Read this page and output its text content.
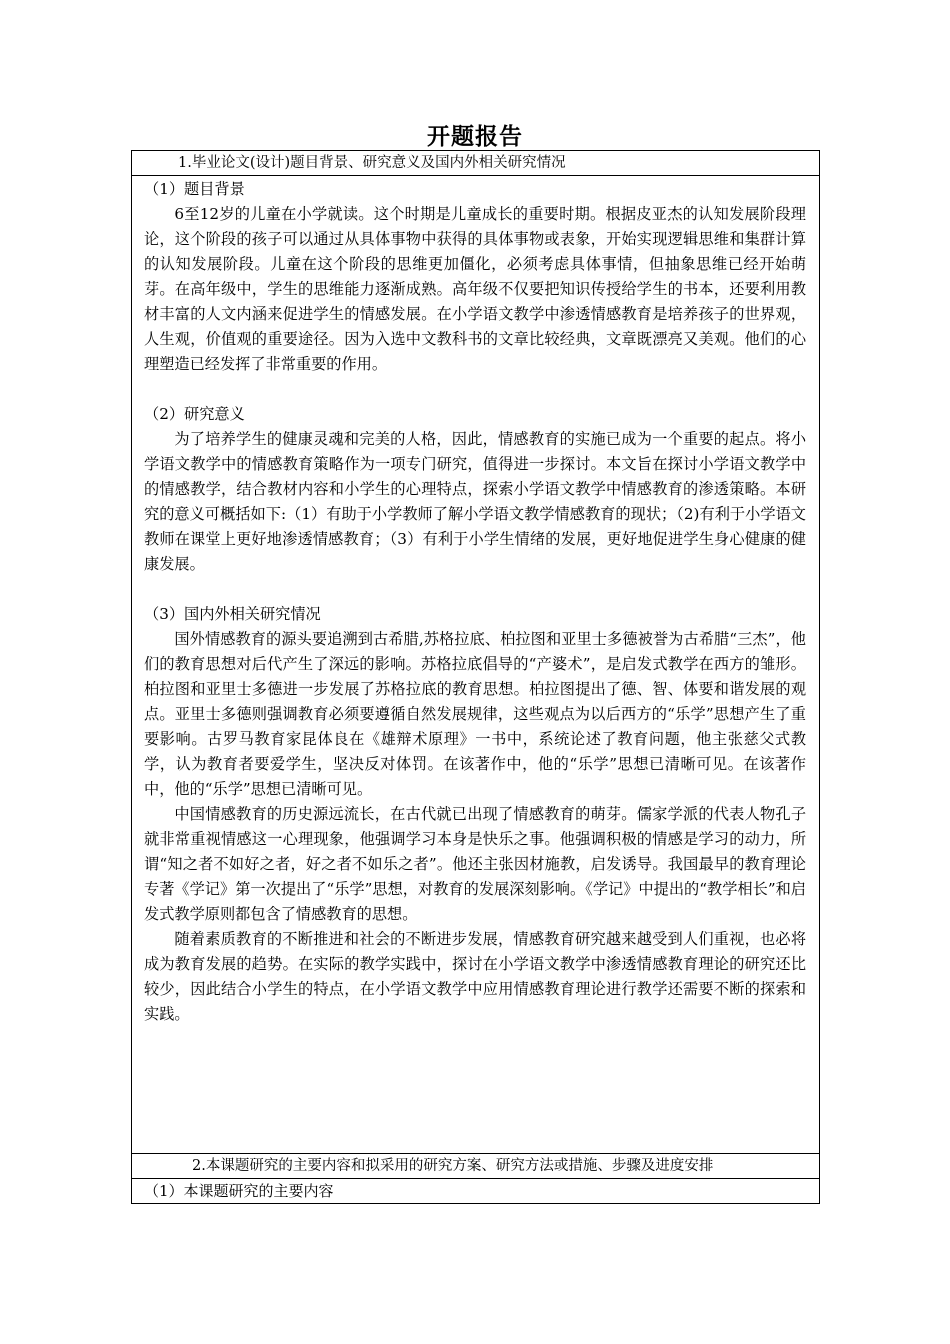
开题报告
1.毕业论文(设计)题目背景、研究意义及国内外相关研究情况

（1）题目背景

6至12岁的儿童在小学就读。这个时期是儿童成长的重要时期。根据皮亚杰的认知发展阶段理论，这个阶段的孩子可以通过从具体事物中获得的具体事物或表象，开始实现逻辑思维和集群计算的认知发展阶段。儿童在这个阶段的思维更加僵化，必须考虑具体事情，但抽象思维已经开始萌芽。在高年级中，学生的思维能力逐渐成熟。高年级不仅要把知识传授给学生的书本，还要利用教材丰富的人文内涵来促进学生的情感发展。在小学语文教学中渗透情感教育是培养孩子的世界观，人生观，价值观的重要途径。因为入选中文教科书的文章比较经典，文章既漂亮又美观。他们的心理塑造已经发挥了非常重要的作用。

（2）研究意义

为了培养学生的健康灵魂和完美的人格，因此，情感教育的实施已成为一个重要的起点。将小学语文教学中的情感教育策略作为一项专门研究，值得进一步探讨。本文旨在探讨小学语文教学中的情感教学，结合教材内容和小学生的心理特点，探索小学语文教学中情感教育的渗透策略。本研究的意义可概括如下:（1）有助于小学教师了解小学语文教学情感教育的现状；（2)有利于小学语文教师在课堂上更好地渗透情感教育；（3）有利于小学生情绪的发展，更好地促进学生身心健康的健康发展。

（3）国内外相关研究情况

国外情感教育的源头要追溯到古希腊,苏格拉底、柏拉图和亚里士多德被誉为古希腊“三杰”，他们的教育思想对后代产生了深远的影响。苏格拉底倡导的“产婆术”，是启发式教学在西方的雏形。柏拉图和亚里士多德进一步发展了苏格拉底的教育思想。柏拉图提出了德、智、体要和谐发展的观点。亚里士多德则强调教育必须要遵循自然发展规律，这些观点为以后西方的“乐学”思想产生了重要影响。古罗马教育家昆体良在《雄辩术原理》一书中，系统论述了教育问题，他主张慈父式教学，认为教育者要爱学生，坚决反对体罚。在该著作中，他的“乐学”思想已清晰可见。在该著作中，他的“乐学”思想已清晰可见。

中国情感教育的历史源远流长，在古代就已出现了情感教育的萌芽。儒家学派的代表人物孔子就非常重视情感这一心理现象，他强调学习本身是快乐之事。他强调积极的情感是学习的动力，所谓“知之者不如好之者，好之者不如乐之者”。他还主张因材施教，启发诱导。我国最早的教育理论专著《学记》第一次提出了“乐学”思想，对教育的发展深刻影响。《学记》中提出的“教学相长”和启发式教学原则都包含了情感教育的思想。

随着素质教育的不断推进和社会的不断进步发展，情感教育研究越来越受到人们重视，也必将成为教育发展的趋势。在实际的教学实践中，探讨在小学语文教学中渗透情感教育理论的研究还比较少，因此结合小学生的特点，在小学语文教学中应用情感教育理论进行教学还需要不断的探索和实践。

2.本课题研究的主要内容和拟采用的研究方案、研究方法或措施、步骤及进度安排
（1）本课题研究的主要内容
